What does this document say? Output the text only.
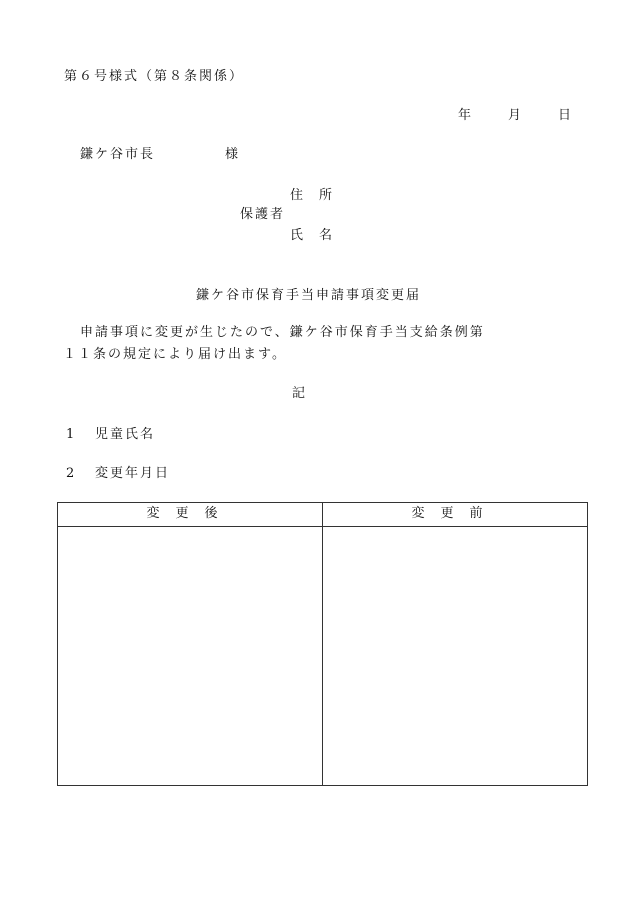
第６号様式（第８条関係）

年	月	日

鎌ケ谷市長	様

住所

保護者

氏名

鎌ケ谷市保育手当申請事項変更届

申請事項に変更が生じたので、鎌ケ谷市保育手当支給条例第

１１条の規定により届け出ます。

記

1 児童氏名

2 変更年月日

変更後	変更前
